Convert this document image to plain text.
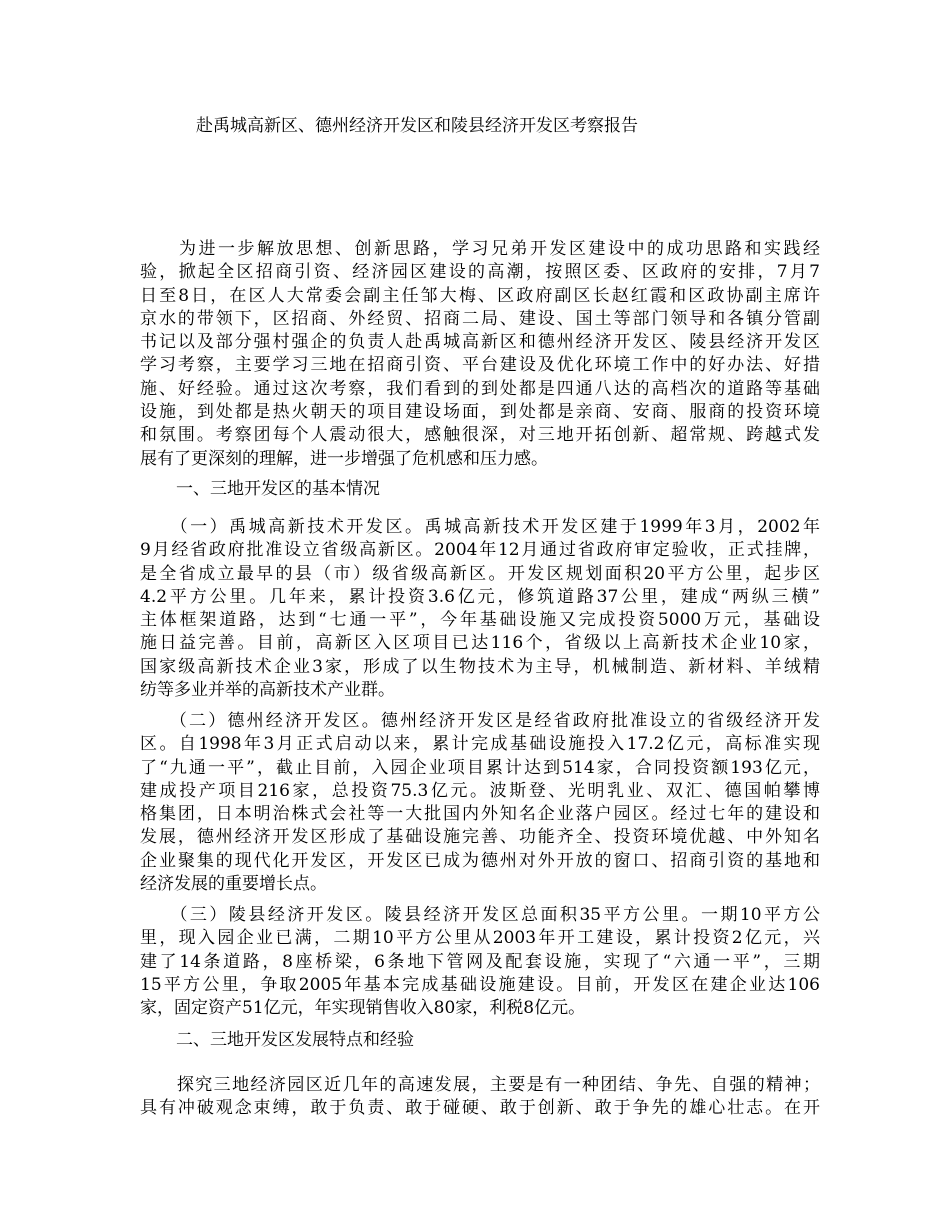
赴禹城高新区、德州经济开发区和陵县经济开发区考察报告
　　为进一步解放思想、创新思路，学习兄弟开发区建设中的成功思路和实践经
验，掀起全区招商引资、经济园区建设的高潮，按照区委、区政府的安排，7月7
日至8日，在区人大常委会副主任邹大梅、区政府副区长赵红霞和区政协副主席许
京水的带领下，区招商、外经贸、招商二局、建设、国土等部门领导和各镇分管副
书记以及部分强村强企的负责人赴禹城高新区和德州经济开发区、陵县经济开发区
学习考察，主要学习三地在招商引资、平台建设及优化环境工作中的好办法、好措
施、好经验。通过这次考察，我们看到的到处都是四通八达的高档次的道路等基础
设施，到处都是热火朝天的项目建设场面，到处都是亲商、安商、服商的投资环境
和氛围。考察团每个人震动很大，感触很深，对三地开拓创新、超常规、跨越式发
展有了更深刻的理解，进一步增强了危机感和压力感。
一、三地开发区的基本情况
　　（一）禹城高新技术开发区。禹城高新技术开发区建于1999年3月，2002年
9月经省政府批准设立省级高新区。2004年12月通过省政府审定验收，正式挂牌，
是全省成立最早的县（市）级省级高新区。开发区规划面积20平方公里，起步区
4.2平方公里。几年来，累计投资3.6亿元，修筑道路37公里，建成“两纵三横”
主体框架道路，达到“七通一平”，今年基础设施又完成投资5000万元，基础设
施日益完善。目前，高新区入区项目已达116个，省级以上高新技术企业10家，
国家级高新技术企业3家，形成了以生物技术为主导，机械制造、新材料、羊绒精
纺等多业并举的高新技术产业群。
　　（二）德州经济开发区。德州经济开发区是经省政府批准设立的省级经济开发
区。自1998年3月正式启动以来，累计完成基础设施投入17.2亿元，高标准实现
了“九通一平”，截止目前，入园企业项目累计达到514家，合同投资额193亿元，
建成投产项目216家，总投资75.3亿元。波斯登、光明乳业、双汇、德国帕攀博
格集团，日本明治株式会社等一大批国内外知名企业落户园区。经过七年的建设和
发展，德州经济开发区形成了基础设施完善、功能齐全、投资环境优越、中外知名
企业聚集的现代化开发区，开发区已成为德州对外开放的窗口、招商引资的基地和
经济发展的重要增长点。
　　（三）陵县经济开发区。陵县经济开发区总面积35平方公里。一期10平方公
里，现入园企业已满，二期10平方公里从2003年开工建设，累计投资2亿元，兴
建了14条道路，8座桥梁，6条地下管网及配套设施，实现了“六通一平”，三期
15平方公里，争取2005年基本完成基础设施建设。目前，开发区在建企业达106
家，固定资产51亿元，年实现销售收入80家，利税8亿元。
二、三地开发区发展特点和经验
　　探究三地经济园区近几年的高速发展，主要是有一种团结、争先、自强的精神；
具有冲破观念束缚，敢于负责、敢于碰硬、敢于创新、敢于争先的雄心壮志。在开
